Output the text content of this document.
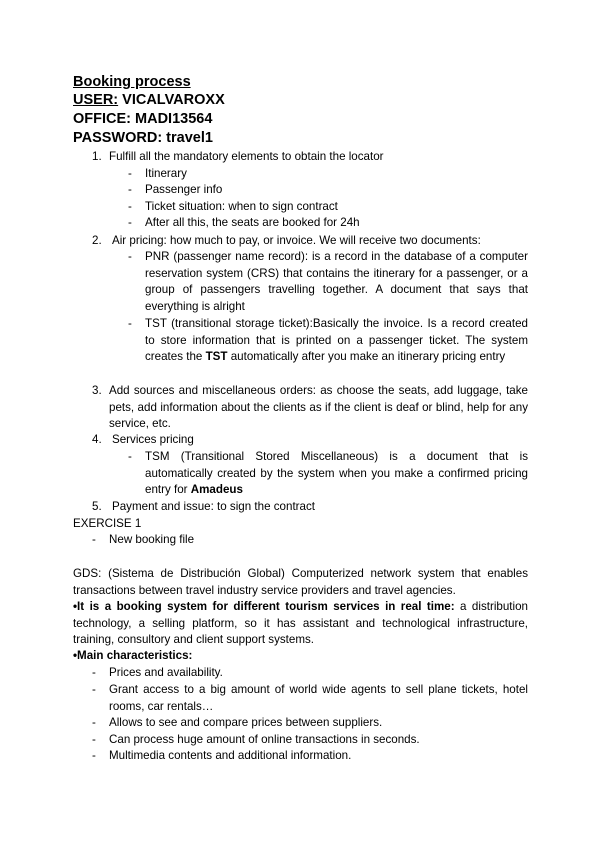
Booking process
USER: VICALVAROXX
OFFICE: MADI13564
PASSWORD: travel1
1. Fulfill all the mandatory elements to obtain the locator
- Itinerary
- Passenger info
- Ticket situation: when to sign contract
- After all this, the seats are booked for 24h
2. Air pricing: how much to pay, or invoice. We will receive two documents:
- PNR (passenger name record): is a record in the database of a computer reservation system (CRS) that contains the itinerary for a passenger, or a group of passengers travelling together. A document that says that everything is alright
- TST (transitional storage ticket):Basically the invoice. Is a record created to store information that is printed on a passenger ticket. The system creates the TST automatically after you make an itinerary pricing entry
3. Add sources and miscellaneous orders: as choose the seats, add luggage, take pets, add information about the clients as if the client is deaf or blind, help for any service, etc.
4. Services pricing
- TSM (Transitional Stored Miscellaneous) is a document that is automatically created by the system when you make a confirmed pricing entry for Amadeus
5. Payment and issue: to sign the contract
EXERCISE 1
- New booking file
GDS: (Sistema de Distribución Global) Computerized network system that enables transactions between travel industry service providers and travel agencies.
•It is a booking system for different tourism services in real time: a distribution technology, a selling platform, so it has assistant and technological infrastructure, training, consultory and client support systems.
•Main characteristics:
- Prices and availability.
- Grant access to a big amount of world wide agents to sell plane tickets, hotel rooms, car rentals…
- Allows to see and compare prices between suppliers.
- Can process huge amount of online transactions in seconds.
- Multimedia contents and additional information.
